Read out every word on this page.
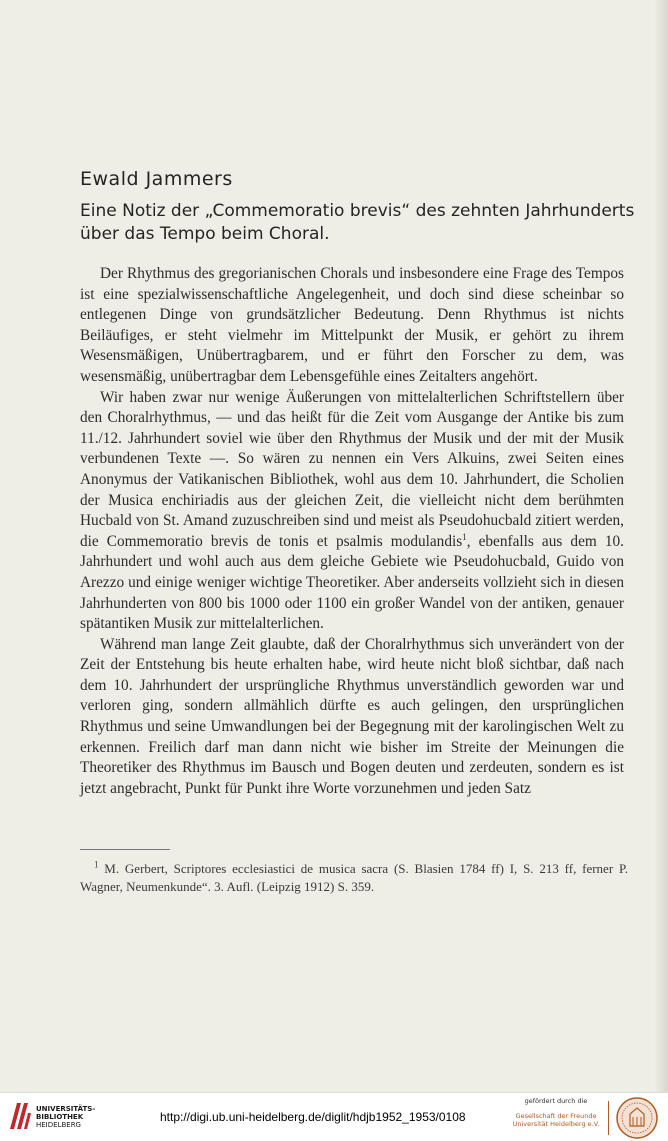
Ewald Jammers
Eine Notiz der „Commemoratio brevis“ des zehnten Jahrhunderts
über das Tempo beim Choral.

Der Rhythmus des gregorianischen Chorals und insbesondere eine Frage des Tempos ist eine spezialwissenschaftliche Angelegenheit, und doch sind diese scheinbar so entlegenen Dinge von grundsätzlicher Bedeutung. Denn Rhythmus ist nichts Beiläufiges, er steht vielmehr im Mittelpunkt der Musik, er gehört zu ihrem Wesensmäßigen, Unübertragbarem, und er führt den Forscher zu dem, was wesensmäßig, unübertragbar dem Lebensgefühle eines Zeitalters angehört.

Wir haben zwar nur wenige Äußerungen von mittelalterlichen Schriftstellern über den Choralrhythmus, — und das heißt für die Zeit vom Ausgange der Antike bis zum 11./12. Jahrhundert soviel wie über den Rhythmus der Musik und der mit der Musik verbundenen Texte —. So wären zu nennen ein Vers Alkuins, zwei Seiten eines Anonymus der Vatikanischen Bibliothek, wohl aus dem 10. Jahrhundert, die Scholien der Musica enchiriadis aus der gleichen Zeit, die vielleicht nicht dem berühmten Hucbald von St. Amand zuzuschreiben sind und meist als Pseudohucbald zitiert werden, die Commemoratio brevis de tonis et psalmis modulandis$^1$, ebenfalls aus dem 10. Jahrhundert und wohl auch aus dem gleiche Gebiete wie Pseudohucbald, Guido von Arezzo und einige weniger wichtige Theoretiker. Aber anderseits vollzieht sich in diesen Jahrhunderten von 800 bis 1000 oder 1100 ein großer Wandel von der antiken, genauer spätantiken Musik zur mittelalterlichen.

Während man lange Zeit glaubte, daß der Choralrhythmus sich unverändert von der Zeit der Entstehung bis heute erhalten habe, wird heute nicht bloß sichtbar, daß nach dem 10. Jahrhundert der ursprüngliche Rhythmus unverständlich geworden war und verloren ging, sondern allmählich dürfte es auch gelingen, den ursprünglichen Rhythmus und seine Umwandlungen bei der Begegnung mit der karolingischen Welt zu erkennen. Freilich darf man dann nicht wie bisher im Streite der Meinungen die Theoretiker des Rhythmus im Bausch und Bogen deuten und zerdeuten, sondern es ist jetzt angebracht, Punkt für Punkt ihre Worte vorzunehmen und jeden Satz

$^1$ M. Gerbert, Scriptores ecclesiastici de musica sacra (S. Blasien 1784 ff) I, S. 213 ff, ferner P. Wagner, Neumenkunde“. 3. Aufl. (Leipzig 1912) S. 359.

UNIVERSITÄTS-
BIBLIOTHEK
HEIDELBERG
http://digi.ub.uni-heidelberg.de/diglit/hdjb1952_1953/0108
gefördert durch die
Gesellschaft der Freunde
Universität Heidelberg e.V.
